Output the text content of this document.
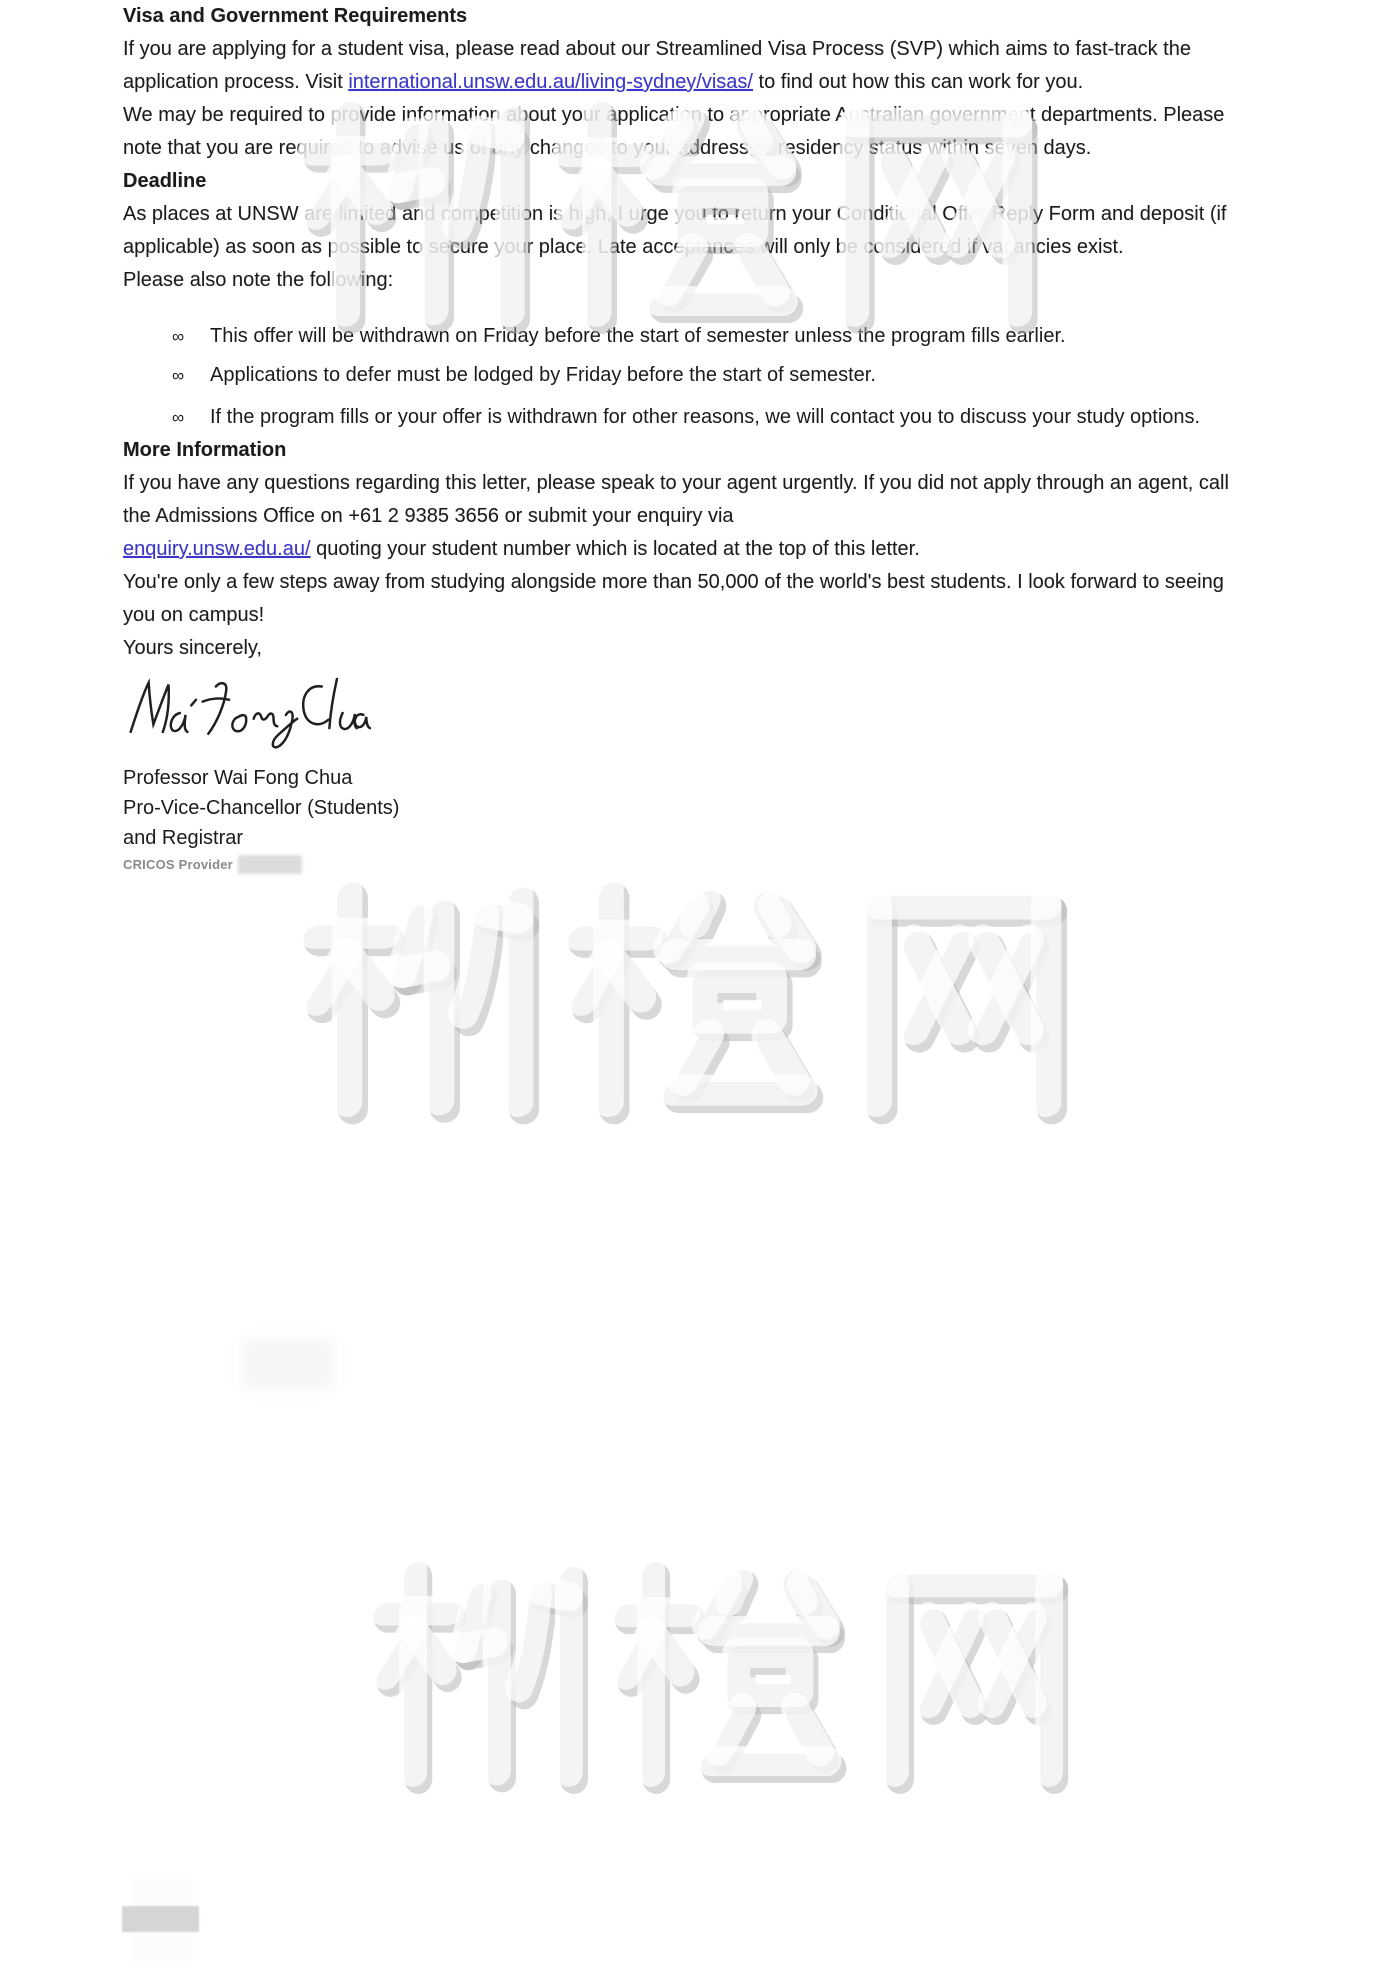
Visa and Government Requirements

If you are applying for a student visa, please read about our Streamlined Visa Process (SVP) which aims to fast-track the application process. Visit international.unsw.edu.au/living-sydney/visas/ to find out how this can work for you.

We may be required to provide information about your application to appropriate Australian government departments. Please note that you are required to advise us of any changes to your address or residency status within seven days.

Deadline

As places at UNSW are limited and competition is high, I urge you to return your Conditional Offer Reply Form and deposit (if applicable) as soon as possible to secure your place. Late acceptances will only be considered if vacancies exist.

Please also note the following:

∞	This offer will be withdrawn on Friday before the start of semester unless the program fills earlier.
∞	Applications to defer must be lodged by Friday before the start of semester.
∞	If the program fills or your offer is withdrawn for other reasons, we will contact you to discuss your study options.
More Information

If you have any questions regarding this letter, please speak to your agent urgently. If you did not apply through an agent, call the Admissions Office on +61 2 9385 3656 or submit your enquiry via
enquiry.unsw.edu.au/ quoting your student number which is located at the top of this letter.

You're only a few steps away from studying alongside more than 50,000 of the world's best students. I look forward to seeing you on campus!

Yours sincerely,

Professor Wai Fong Chua
Pro-Vice-Chancellor (Students)
and Registrar
CRICOS Provider
